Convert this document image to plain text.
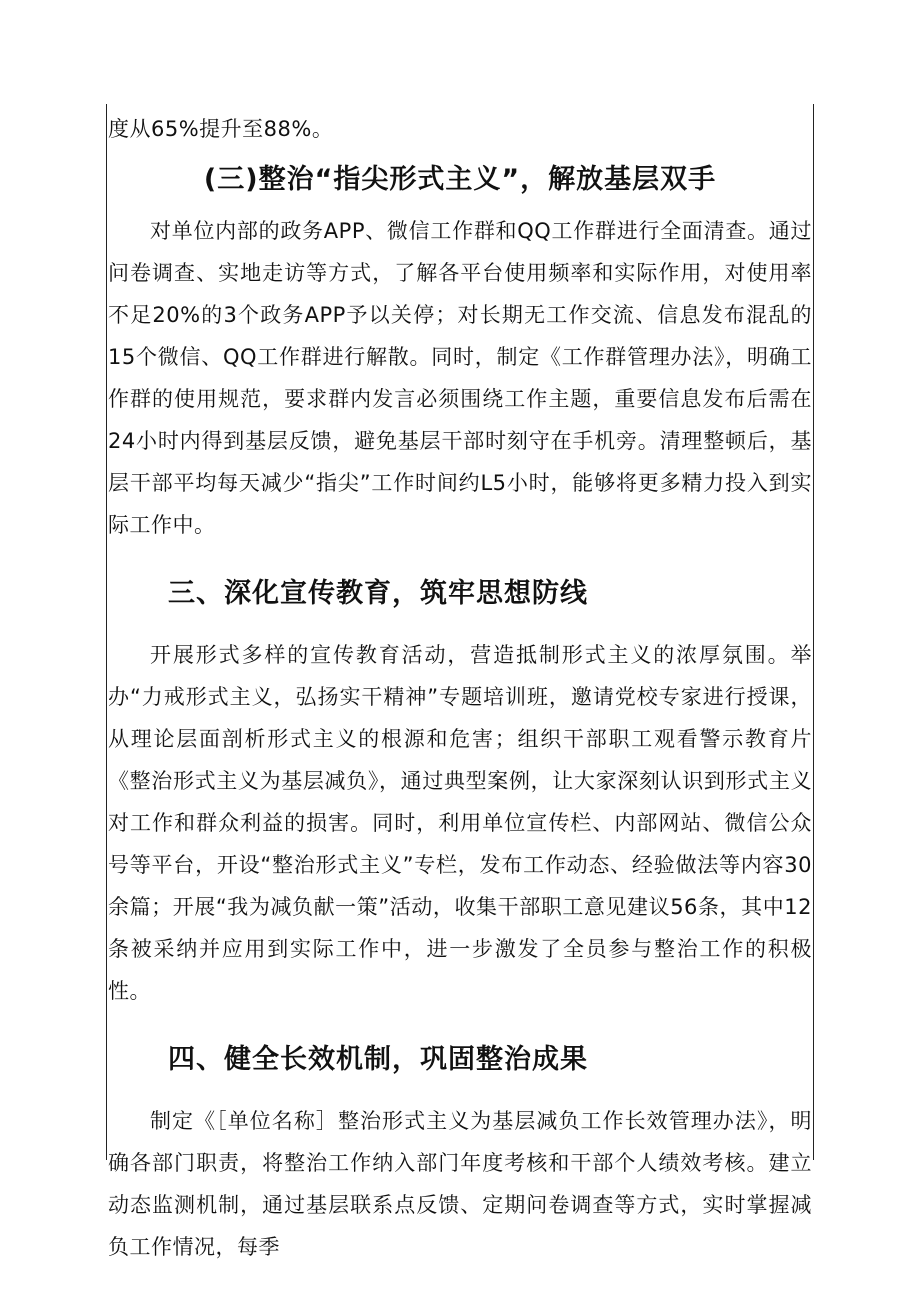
度从65%提升至88%。

(三)整治“指尖形式主义”，解放基层双手

对单位内部的政务APP、微信工作群和QQ工作群进行全面清查。通过问卷调查、实地走访等方式，了解各平台使用频率和实际作用，对使用率不足20%的3个政务APP予以关停；对长期无工作交流、信息发布混乱的15个微信、QQ工作群进行解散。同时，制定《工作群管理办法》，明确工作群的使用规范，要求群内发言必须围绕工作主题，重要信息发布后需在24小时内得到基层反馈，避免基层干部时刻守在手机旁。清理整顿后，基层干部平均每天减少“指尖”工作时间约L5小时，能够将更多精力投入到实际工作中。

三、深化宣传教育，筑牢思想防线

开展形式多样的宣传教育活动，营造抵制形式主义的浓厚氛围。举办“力戒形式主义，弘扬实干精神”专题培训班，邀请党校专家进行授课，从理论层面剖析形式主义的根源和危害；组织干部职工观看警示教育片《整治形式主义为基层减负》，通过典型案例，让大家深刻认识到形式主义对工作和群众利益的损害。同时，利用单位宣传栏、内部网站、微信公众号等平台，开设“整治形式主义”专栏，发布工作动态、经验做法等内容30余篇；开展“我为减负献一策”活动，收集干部职工意见建议56条，其中12条被采纳并应用到实际工作中，进一步激发了全员参与整治工作的积极性。

四、健全长效机制，巩固整治成果

制定《［单位名称］整治形式主义为基层减负工作长效管理办法》，明确各部门职责，将整治工作纳入部门年度考核和干部个人绩效考核。建立动态监测机制，通过基层联系点反馈、定期问卷调查等方式，实时掌握减负工作情况，每季
